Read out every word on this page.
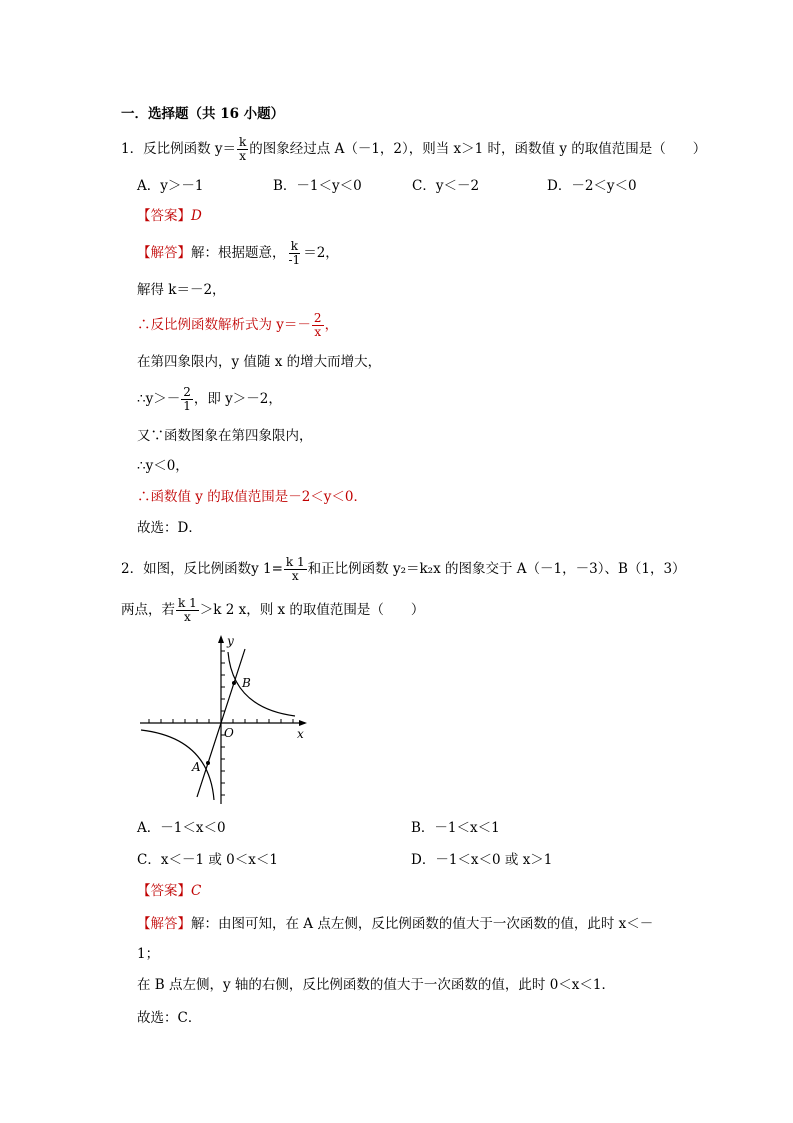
一．选择题（共 16 小题）
1．反比例函数 $y= \frac{k}{x}$ 的图象经过点 A（－1，2），则当 x＞1 时，函数值 y 的取值范围是（　　）
A．y＞－1	B．－1＜y＜0	C．y＜－2	D．－2＜y＜0
【答案】D
【解答】解：根据题意， $\frac{k}{-1} =2$，
解得 k＝－2，
∴反比例函数解析式为 $y=- \frac{2}{x}$ ，
在第四象限内，y 值随 x 的增大而增大，
∴y＞－ $\frac{2}{1}$ ，即 y＞－2，
又∵函数图象在第四象限内，
∴y＜0，
∴函数值 y 的取值范围是－2＜y＜0．
故选：D．
2．如图，反比例函数y $1= \frac{k 1}{x}$ 和正比例函数 y₂＝k₂x 的图象交于 A（－1，－3）、B（1，3）
两点，若 $\frac{k 1}{x} >k$ 2 x，则 x 的取值范围是（　　）
y
x
O
B
A
A．－1＜x＜0	B．－1＜x＜1
C．x＜－1 或 0＜x＜1	D．－1＜x＜0 或 x＞1
【答案】C
【解答】解：由图可知，在 A 点左侧，反比例函数的值大于一次函数的值，此时 x＜－
1；
在 B 点左侧，y 轴的右侧，反比例函数的值大于一次函数的值，此时 0＜x＜1．
故选：C．
